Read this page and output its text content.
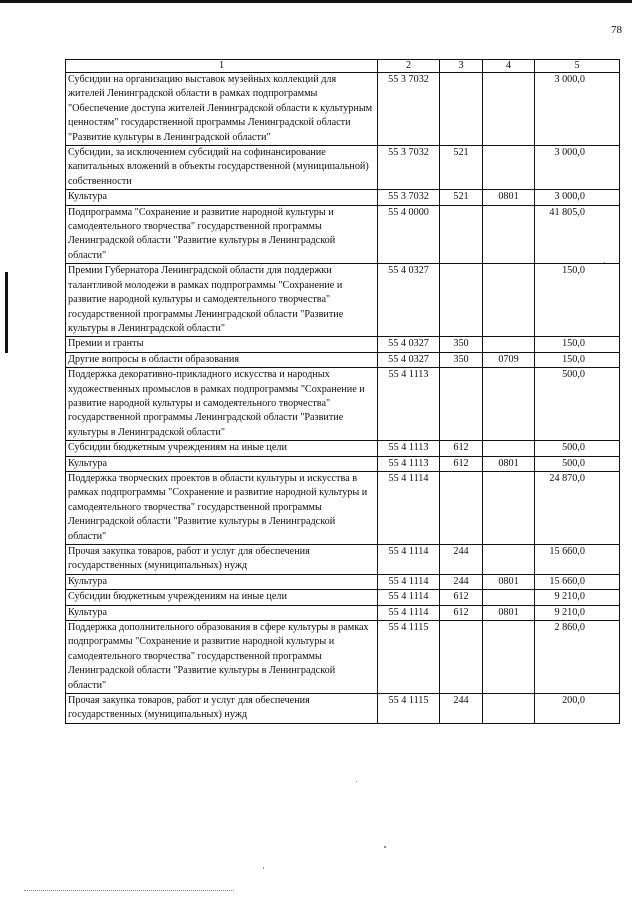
78
1	2	3	4	5
Субсидии на организацию выставок музейных коллекций для жителей Ленинградской области в рамках подпрограммы "Обеспечение доступа жителей Ленинградской области к культурным ценностям" государственной программы Ленинградской области "Развитие культуры в Ленинградской области"	55 3 7032			3 000,0
Субсидии, за исключением субсидий на софинансирование капитальных вложений в объекты государственной (муниципальной) собственности	55 3 7032	521		3 000,0
Культура	55 3 7032	521	0801	3 000,0
Подпрограмма "Сохранение и развитие народной культуры и самодеятельного творчества" государственной программы Ленинградской области "Развитие культуры в Ленинградской области"	55 4 0000			41 805,0
Премии Губернатора Ленинградской области для поддержки талантливой молодежи в рамках подпрограммы "Сохранение и развитие народной культуры и самодеятельного творчества" государственной программы Ленинградской области "Развитие культуры в Ленинградской области"	55 4 0327			150,0
Премии и гранты	55 4 0327	350		150,0
Другие вопросы в области образования	55 4 0327	350	0709	150,0
Поддержка декоративно-прикладного искусства и народных художественных промыслов в рамках подпрограммы "Сохранение и развитие народной культуры и самодеятельного творчества" государственной программы Ленинградской области "Развитие культуры в Ленинградской области"	55 4 1113			500,0
Субсидии бюджетным учреждениям на иные цели	55 4 1113	612		500,0
Культура	55 4 1113	612	0801	500,0
Поддержка творческих проектов в области культуры и искусства в рамках подпрограммы "Сохранение и развитие народной культуры и самодеятельного творчества" государственной программы Ленинградской области "Развитие культуры в Ленинградской области"	55 4 1114			24 870,0
Прочая закупка товаров, работ и услуг для обеспечения государственных (муниципальных) нужд	55 4 1114	244		15 660,0
Культура	55 4 1114	244	0801	15 660,0
Субсидии бюджетным учреждениям на иные цели	55 4 1114	612		9 210,0
Культура	55 4 1114	612	0801	9 210,0
Поддержка дополнительного образования в сфере культуры в рамках подпрограммы "Сохранение и развитие народной культуры и самодеятельного творчества" государственной программы Ленинградской области "Развитие культуры в Ленинградской области"	55 4 1115			2 860,0
Прочая закупка товаров, работ и услуг для обеспечения государственных (муниципальных) нужд	55 4 1115	244		200,0
